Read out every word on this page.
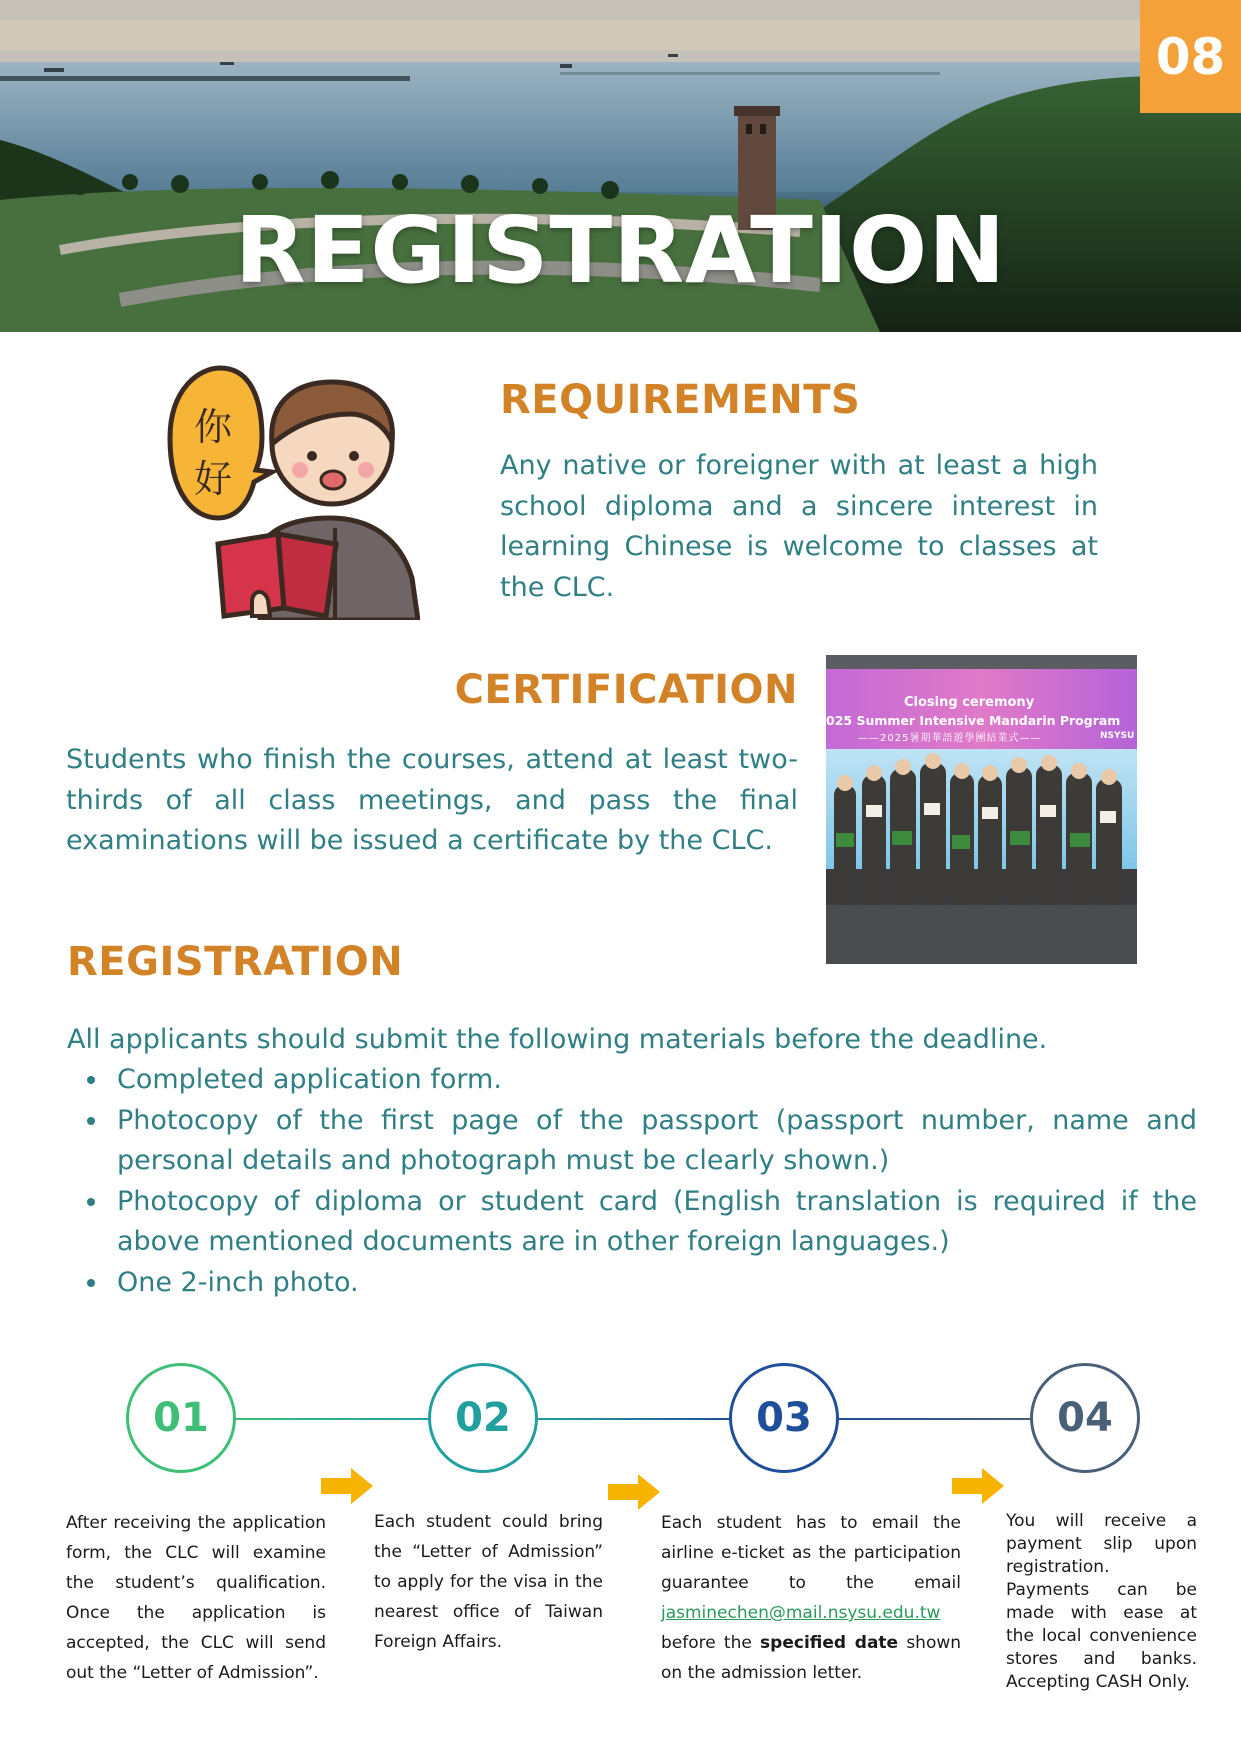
REGISTRATION
08
你
好
REQUIREMENTS

Any native or foreigner with at least a high school diploma and a sincere interest in learning Chinese is welcome to classes at the CLC.

CERTIFICATION

Students who finish the courses, attend at least two-thirds of all class meetings, and pass the final examinations will be issued a certificate by the CLC.

Closing ceremony
025 Summer Intensive Mandarin Program
——2025暑期華語遊學團結業式——	NSYSU
REGISTRATION

All applicants should submit the following materials before the deadline.

Completed application form.
Photocopy of the first page of the passport (passport number, name and personal details and photograph must be clearly shown.)
Photocopy of diploma or student card (English translation is required if the above mentioned documents are in other foreign languages.)
One 2-inch photo.
01	02	03	04

After receiving the application form, the CLC will examine the student’s qualification. Once the application is accepted, the CLC will send out the “Letter of Admission”.

Each student could bring the “Letter of Admission” to apply for the visa in the nearest office of Taiwan Foreign Affairs.

Each student has to email the airline e-ticket as the participation guarantee to the email jasminechen@mail.nsysu.edu.tw before the specified date shown on the admission letter.

You will receive a payment slip upon registration. Payments can be made with ease at the local convenience stores and banks. Accepting CASH Only.
